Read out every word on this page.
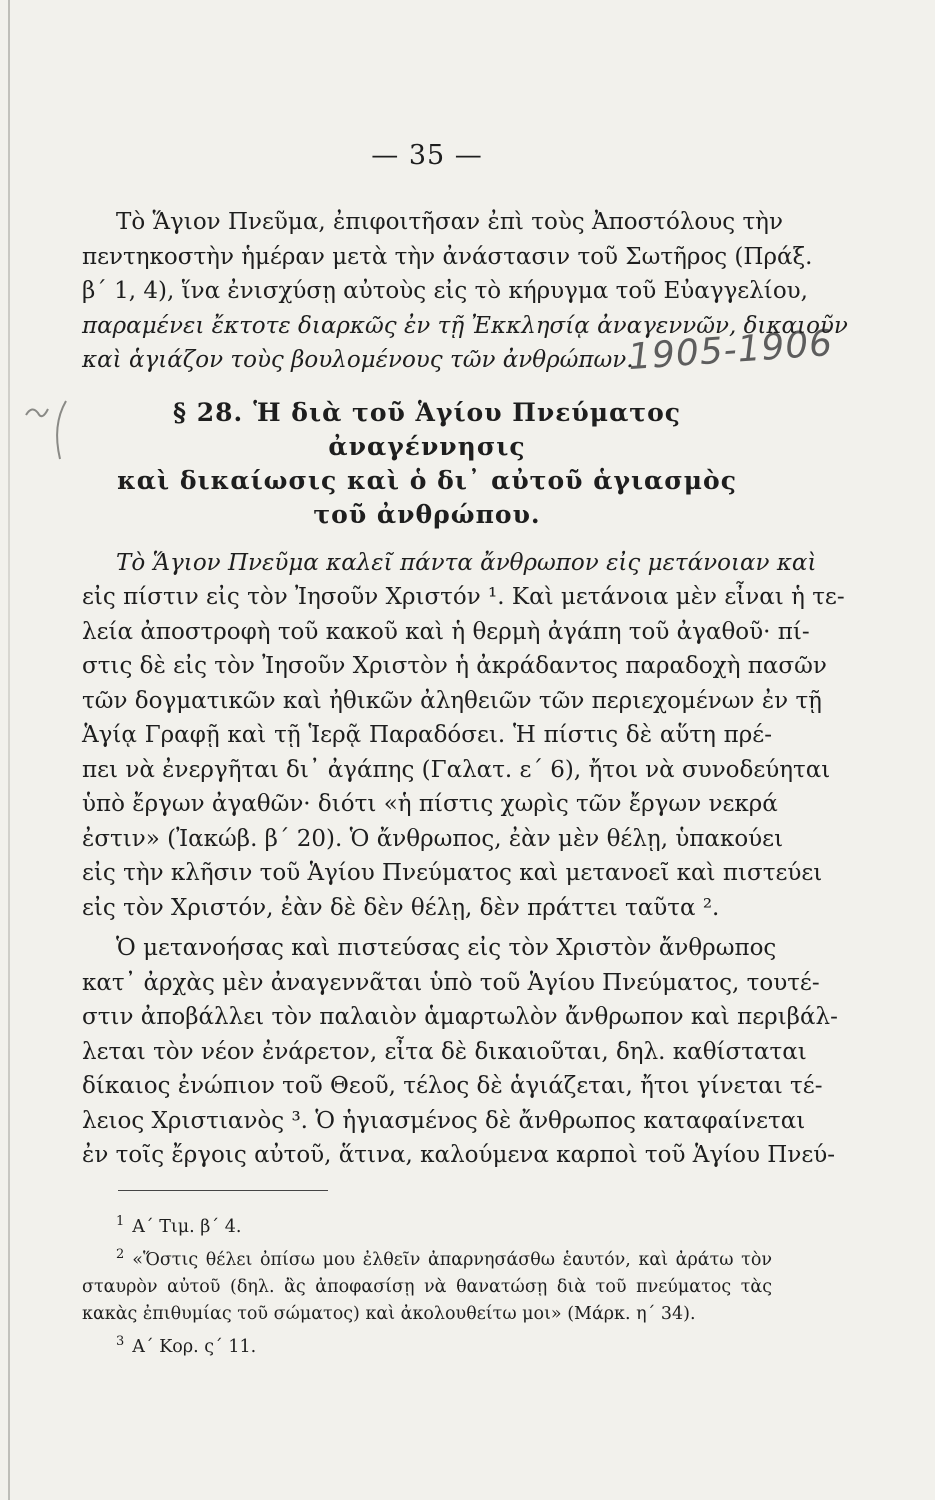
1905-1906
— 35 —
Τὸ Ἅγιον Πνεῦμα, ἐπιφοιτῆσαν ἐπὶ τοὺς Ἀποστόλους τὴν
πεντηκοστὴν ἡμέραν μετὰ τὴν ἀνάστασιν τοῦ Σωτῆρος (Πράξ.
β΄ 1, 4), ἵνα ἐνισχύσῃ αὐτοὺς εἰς τὸ κήρυγμα τοῦ Εὐαγγελίου,
παραμένει ἔκτοτε διαρκῶς ἐν τῇ Ἐκκλησίᾳ ἀναγεννῶν, δικαιοῦν
καὶ ἁγιάζον τοὺς βουλομένους τῶν ἀνθρώπων.
§ 28. Ἡ διὰ τοῦ Ἁγίου Πνεύματος ἀναγέννησις
καὶ δικαίωσις καὶ ὁ δι᾽ αὐτοῦ ἁγιασμὸς
τοῦ ἀνθρώπου.
Τὸ Ἅγιον Πνεῦμα καλεῖ πάντα ἄνθρωπον εἰς μετάνοιαν καὶ
εἰς πίστιν εἰς τὸν Ἰησοῦν Χριστόν ¹. Καὶ μετάνοια μὲν εἶναι ἡ τε-
λεία ἀποστροφὴ τοῦ κακοῦ καὶ ἡ θερμὴ ἀγάπη τοῦ ἀγαθοῦ· πί-
στις δὲ εἰς τὸν Ἰησοῦν Χριστὸν ἡ ἀκράδαντος παραδοχὴ πασῶν
τῶν δογματικῶν καὶ ἠθικῶν ἀληθειῶν τῶν περιεχομένων ἐν τῇ
Ἁγίᾳ Γραφῇ καὶ τῇ Ἱερᾷ Παραδόσει. Ἡ πίστις δὲ αὕτη πρέ-
πει νὰ ἐνεργῆται δι᾽ ἀγάπης (Γαλατ. ε΄ 6), ἤτοι νὰ συνοδεύηται
ὑπὸ ἔργων ἀγαθῶν· διότι «ἡ πίστις χωρὶς τῶν ἔργων νεκρά
ἐστιν» (Ἰακώβ. β΄ 20). Ὁ ἄνθρωπος, ἐὰν μὲν θέλῃ, ὑπακούει
εἰς τὴν κλῆσιν τοῦ Ἁγίου Πνεύματος καὶ μετανοεῖ καὶ πιστεύει
εἰς τὸν Χριστόν, ἐὰν δὲ δὲν θέλῃ, δὲν πράττει ταῦτα ².
Ὁ μετανοήσας καὶ πιστεύσας εἰς τὸν Χριστὸν ἄνθρωπος
κατ᾽ ἀρχὰς μὲν ἀναγεννᾶται ὑπὸ τοῦ Ἁγίου Πνεύματος, τουτέ-
στιν ἀποβάλλει τὸν παλαιὸν ἁμαρτωλὸν ἄνθρωπον καὶ περιβάλ-
λεται τὸν νέον ἐνάρετον, εἶτα δὲ δικαιοῦται, δηλ. καθίσταται
δίκαιος ἐνώπιον τοῦ Θεοῦ, τέλος δὲ ἁγιάζεται, ἤτοι γίνεται τέ-
λειος Χριστιανὸς ³. Ὁ ἡγιασμένος δὲ ἄνθρωπος καταφαίνεται
ἐν τοῖς ἔργοις αὐτοῦ, ἅτινα, καλούμενα καρποὶ τοῦ Ἁγίου Πνεύ-
$^1$ Α΄ Τιμ. β΄ 4.
$^2$ «Ὅστις θέλει ὀπίσω μου ἐλθεῖν ἀπαρνησάσθω ἑαυτόν, καὶ ἀράτω τὸν
σταυρὸν αὐτοῦ (δηλ. ἂς ἀποφασίσῃ νὰ θανατώσῃ διὰ τοῦ πνεύματος τὰς
κακὰς ἐπιθυμίας τοῦ σώματος) καὶ ἀκολουθείτω μοι» (Μάρκ. η΄ 34).
$^3$ Α΄ Κορ. ς΄ 11.
